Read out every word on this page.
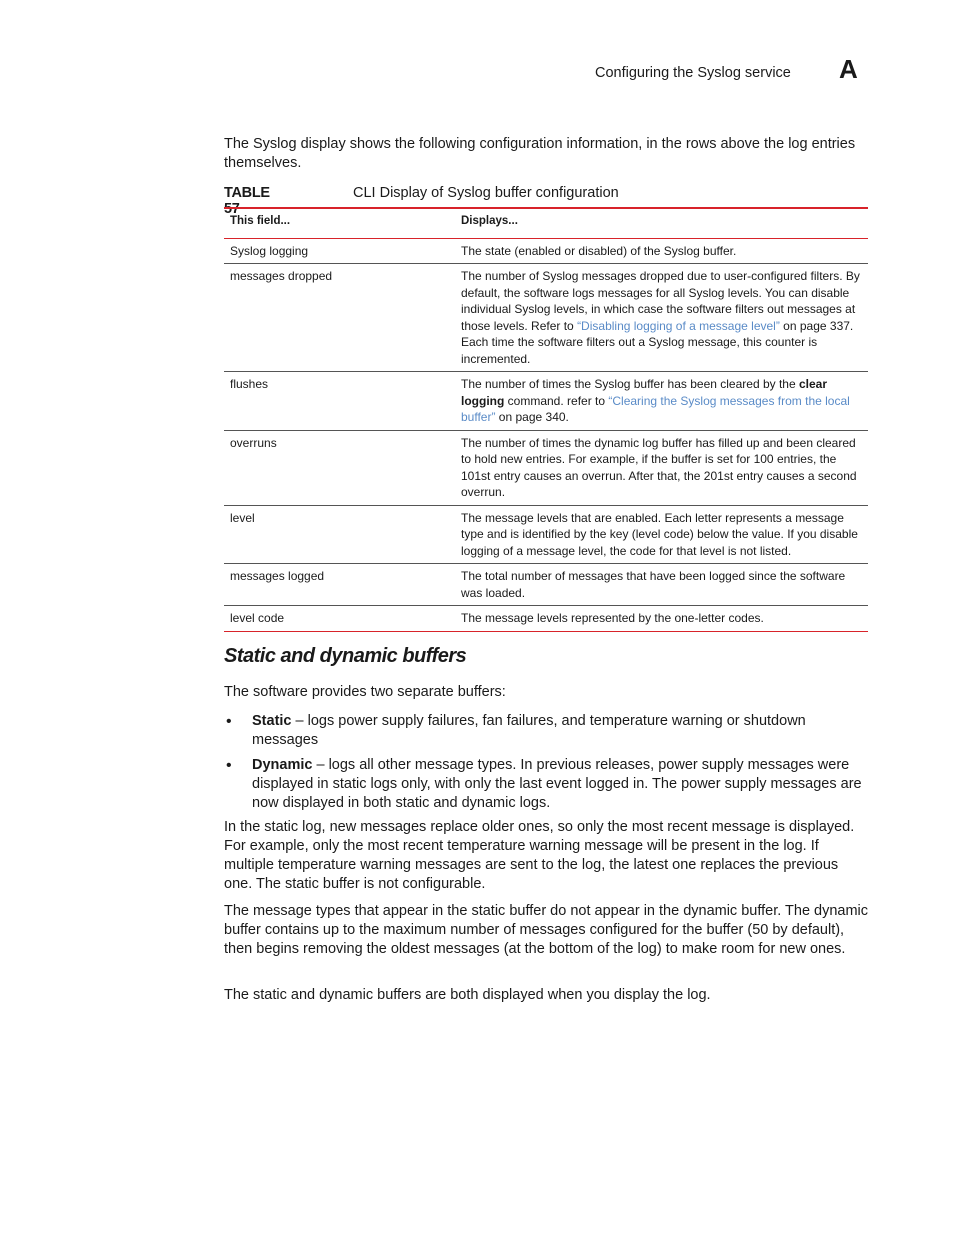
Configuring the Syslog service A

The Syslog display shows the following configuration information, in the rows above the log entries themselves.

TABLE 57
CLI Display of Syslog buffer configuration
This field...	Displays...
Syslog logging	The state (enabled or disabled) of the Syslog buffer.
messages dropped	The number of Syslog messages dropped due to user-configured filters. By default, the software logs messages for all Syslog levels. You can disable individual Syslog levels, in which case the software filters out messages at those levels. Refer to “Disabling logging of a message level” on page 337. Each time the software filters out a Syslog message, this counter is incremented.
flushes	The number of times the Syslog buffer has been cleared by the clear logging command. refer to “Clearing the Syslog messages from the local buffer” on page 340.
overruns	The number of times the dynamic log buffer has filled up and been cleared to hold new entries. For example, if the buffer is set for 100 entries, the 101st entry causes an overrun. After that, the 201st entry causes a second overrun.
level	The message levels that are enabled. Each letter represents a message type and is identified by the key (level code) below the value. If you disable logging of a message level, the code for that level is not listed.
messages logged	The total number of messages that have been logged since the software was loaded.
level code	The message levels represented by the one-letter codes.
Static and dynamic buffers

The software provides two separate buffers:

• Static – logs power supply failures, fan failures, and temperature warning or shutdown messages
• Dynamic – logs all other message types. In previous releases, power supply messages were displayed in static logs only, with only the last event logged in. The power supply messages are now displayed in both static and dynamic logs.

In the static log, new messages replace older ones, so only the most recent message is displayed. For example, only the most recent temperature warning message will be present in the log. If multiple temperature warning messages are sent to the log, the latest one replaces the previous one. The static buffer is not configurable.

The message types that appear in the static buffer do not appear in the dynamic buffer. The dynamic buffer contains up to the maximum number of messages configured for the buffer (50 by default), then begins removing the oldest messages (at the bottom of the log) to make room for new ones.

The static and dynamic buffers are both displayed when you display the log.
